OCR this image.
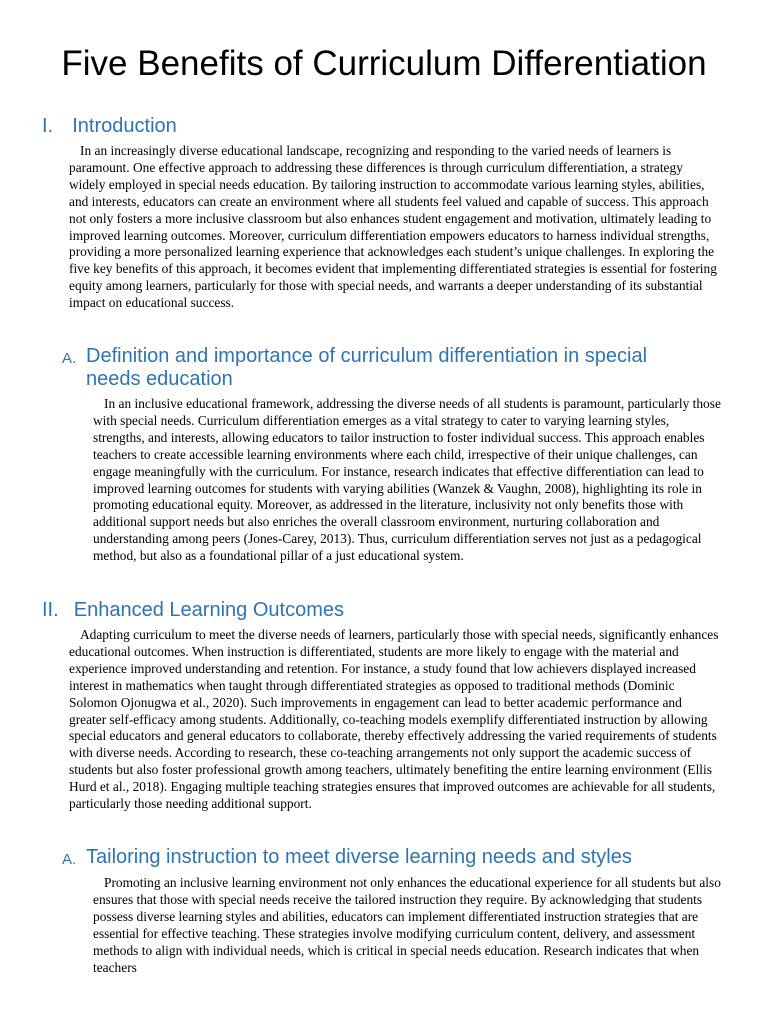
Five Benefits of Curriculum Differentiation
I. Introduction

In an increasingly diverse educational landscape, recognizing and responding to the varied needs of learners is paramount. One effective approach to addressing these differences is through curriculum differentiation, a strategy widely employed in special needs education. By tailoring instruction to accommodate various learning styles, abilities, and interests, educators can create an environment where all students feel valued and capable of success. This approach not only fosters a more inclusive classroom but also enhances student engagement and motivation, ultimately leading to improved learning outcomes. Moreover, curriculum differentiation empowers educators to harness individual strengths, providing a more personalized learning experience that acknowledges each student’s unique challenges. In exploring the five key benefits of this approach, it becomes evident that implementing differentiated strategies is essential for fostering equity among learners, particularly for those with special needs, and warrants a deeper understanding of its substantial impact on educational success.

A. Definition and importance of curriculum differentiation in special needs education

In an inclusive educational framework, addressing the diverse needs of all students is paramount, particularly those with special needs. Curriculum differentiation emerges as a vital strategy to cater to varying learning styles, strengths, and interests, allowing educators to tailor instruction to foster individual success. This approach enables teachers to create accessible learning environments where each child, irrespective of their unique challenges, can engage meaningfully with the curriculum. For instance, research indicates that effective differentiation can lead to improved learning outcomes for students with varying abilities (Wanzek & Vaughn, 2008), highlighting its role in promoting educational equity. Moreover, as addressed in the literature, inclusivity not only benefits those with additional support needs but also enriches the overall classroom environment, nurturing collaboration and understanding among peers (Jones-Carey, 2013). Thus, curriculum differentiation serves not just as a pedagogical method, but also as a foundational pillar of a just educational system.

II. Enhanced Learning Outcomes

Adapting curriculum to meet the diverse needs of learners, particularly those with special needs, significantly enhances educational outcomes. When instruction is differentiated, students are more likely to engage with the material and experience improved understanding and retention. For instance, a study found that low achievers displayed increased interest in mathematics when taught through differentiated strategies as opposed to traditional methods (Dominic Solomon Ojonugwa et al., 2020). Such improvements in engagement can lead to better academic performance and greater self-efficacy among students. Additionally, co-teaching models exemplify differentiated instruction by allowing special educators and general educators to collaborate, thereby effectively addressing the varied requirements of students with diverse needs. According to research, these co-teaching arrangements not only support the academic success of students but also foster professional growth among teachers, ultimately benefiting the entire learning environment (Ellis Hurd et al., 2018). Engaging multiple teaching strategies ensures that improved outcomes are achievable for all students, particularly those needing additional support.

A. Tailoring instruction to meet diverse learning needs and styles

Promoting an inclusive learning environment not only enhances the educational experience for all students but also ensures that those with special needs receive the tailored instruction they require. By acknowledging that students possess diverse learning styles and abilities, educators can implement differentiated instruction strategies that are essential for effective teaching. These strategies involve modifying curriculum content, delivery, and assessment methods to align with individual needs, which is critical in special needs education. Research indicates that when teachers
